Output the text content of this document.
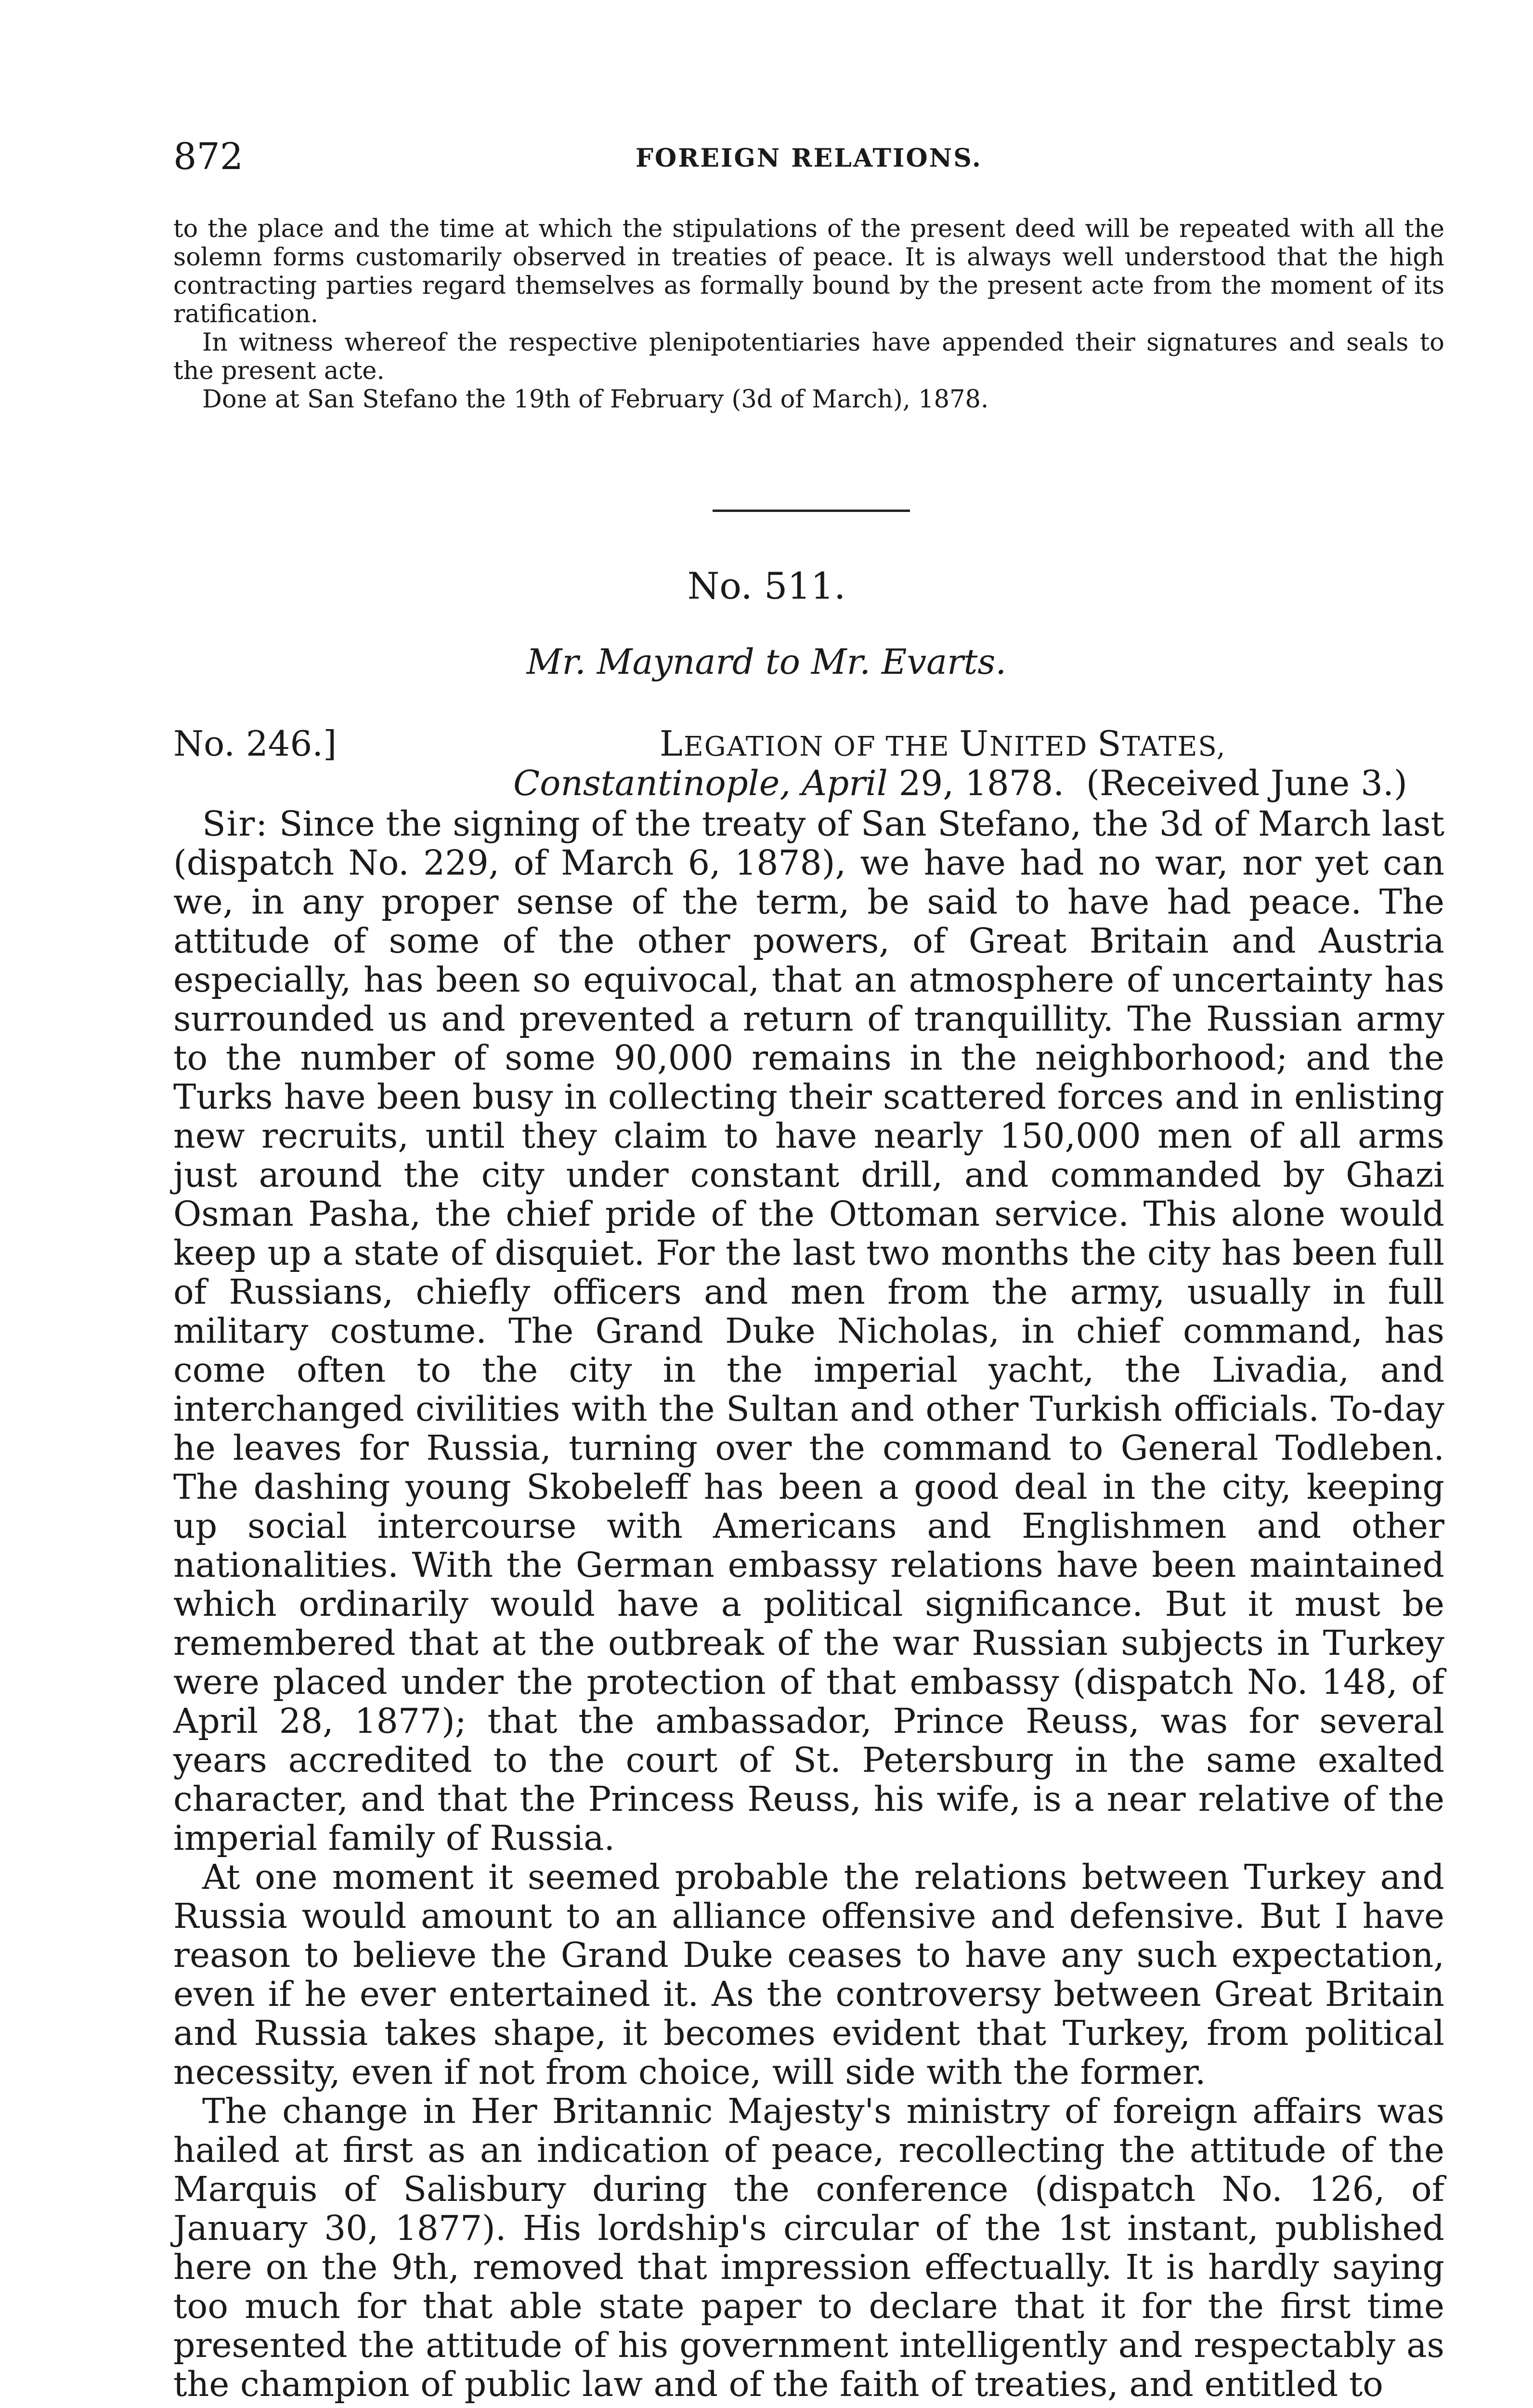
872	FOREIGN RELATIONS.

to the place and the time at which the stipulations of the present deed will be repeated with all the solemn forms customarily observed in treaties of peace. It is always well understood that the high contracting parties regard themselves as formally bound by the present acte from the moment of its ratification.

In witness whereof the respective plenipotentiaries have appended their signatures and seals to the present acte.

Done at San Stefano the 19th of February (3d of March), 1878.

No. 511.
Mr. Maynard to Mr. Evarts.
No. 246.]	LEGATION OF THE UNITED STATES,
Constantinople, April 29, 1878. (Received June 3.)

Sir: Since the signing of the treaty of San Stefano, the 3d of March last (dispatch No. 229, of March 6, 1878), we have had no war, nor yet can we, in any proper sense of the term, be said to have had peace. The attitude of some of the other powers, of Great Britain and Austria especially, has been so equivocal, that an atmosphere of uncertainty has surrounded us and prevented a return of tranquillity. The Russian army to the number of some 90,000 remains in the neighborhood; and the Turks have been busy in collecting their scattered forces and in enlisting new recruits, until they claim to have nearly 150,000 men of all arms just around the city under constant drill, and commanded by Ghazi Osman Pasha, the chief pride of the Ottoman service. This alone would keep up a state of disquiet. For the last two months the city has been full of Russians, chiefly officers and men from the army, usually in full military costume. The Grand Duke Nicholas, in chief command, has come often to the city in the imperial yacht, the Livadia, and interchanged civilities with the Sultan and other Turkish officials. To-day he leaves for Russia, turning over the command to General Todleben. The dashing young Skobeleff has been a good deal in the city, keeping up social intercourse with Americans and Englishmen and other nationalities. With the German embassy relations have been maintained which ordinarily would have a political significance. But it must be remembered that at the outbreak of the war Russian subjects in Turkey were placed under the protection of that embassy (dispatch No. 148, of April 28, 1877); that the ambassador, Prince Reuss, was for several years accredited to the court of St. Petersburg in the same exalted character, and that the Princess Reuss, his wife, is a near relative of the imperial family of Russia.

At one moment it seemed probable the relations between Turkey and Russia would amount to an alliance offensive and defensive. But I have reason to believe the Grand Duke ceases to have any such expectation, even if he ever entertained it. As the controversy between Great Britain and Russia takes shape, it becomes evident that Turkey, from political necessity, even if not from choice, will side with the former.

The change in Her Britannic Majesty's ministry of foreign affairs was hailed at first as an indication of peace, recollecting the attitude of the Marquis of Salisbury during the conference (dispatch No. 126, of January 30, 1877). His lordship's circular of the 1st instant, published here on the 9th, removed that impression effectually. It is hardly saying too much for that able state paper to declare that it for the first time presented the attitude of his government intelligently and respectably as the champion of public law and of the faith of treaties, and entitled to
